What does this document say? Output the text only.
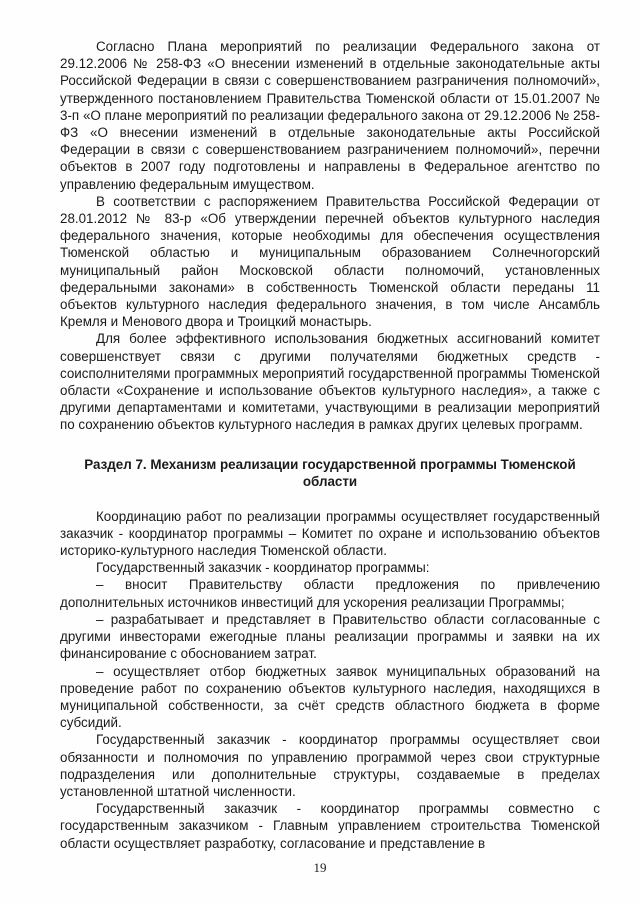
Согласно Плана мероприятий по реализации Федерального закона от 29.12.2006 № 258-ФЗ «О внесении изменений в отдельные законодательные акты Российской Федерации в связи с совершенствованием разграничения полномочий», утвержденного постановлением Правительства Тюменской области от 15.01.2007 № 3-п «О плане мероприятий по реализации федерального закона от 29.12.2006 № 258-ФЗ «О внесении изменений в отдельные законодательные акты Российской Федерации в связи с совершенствованием разграничением полномочий», перечни объектов в 2007 году подготовлены и направлены в Федеральное агентство по управлению федеральным имуществом.

В соответствии с распоряжением Правительства Российской Федерации от 28.01.2012 № 83-р «Об утверждении перечней объектов культурного наследия федерального значения, которые необходимы для обеспечения осуществления Тюменской областью и муниципальным образованием Солнечногорский муниципальный район Московской области полномочий, установленных федеральными законами» в собственность Тюменской области переданы 11 объектов культурного наследия федерального значения, в том числе Ансамбль Кремля и Менового двора и Троицкий монастырь.

Для более эффективного использования бюджетных ассигнований комитет совершенствует связи с другими получателями бюджетных средств - соисполнителями программных мероприятий государственной программы Тюменской области «Сохранение и использование объектов культурного наследия», а также с другими департаментами и комитетами, участвующими в реализации мероприятий по сохранению объектов культурного наследия в рамках других целевых программ.

Раздел 7. Механизм реализации государственной программы Тюменской области

Координацию работ по реализации программы осуществляет государственный заказчик - координатор программы – Комитет по охране и использованию объектов историко-культурного наследия Тюменской области.

Государственный заказчик - координатор программы:

– вносит Правительству области предложения по привлечению дополнительных источников инвестиций для ускорения реализации Программы;

– разрабатывает и представляет в Правительство области согласованные с другими инвесторами ежегодные планы реализации программы и заявки на их финансирование с обоснованием затрат.

– осуществляет отбор бюджетных заявок муниципальных образований на проведение работ по сохранению объектов культурного наследия, находящихся в муниципальной собственности, за счёт средств областного бюджета в форме субсидий.

Государственный заказчик - координатор программы осуществляет свои обязанности и полномочия по управлению программой через свои структурные подразделения или дополнительные структуры, создаваемые в пределах установленной штатной численности.

Государственный заказчик - координатор программы совместно с государственным заказчиком - Главным управлением строительства Тюменской области осуществляет разработку, согласование и представление в

19
